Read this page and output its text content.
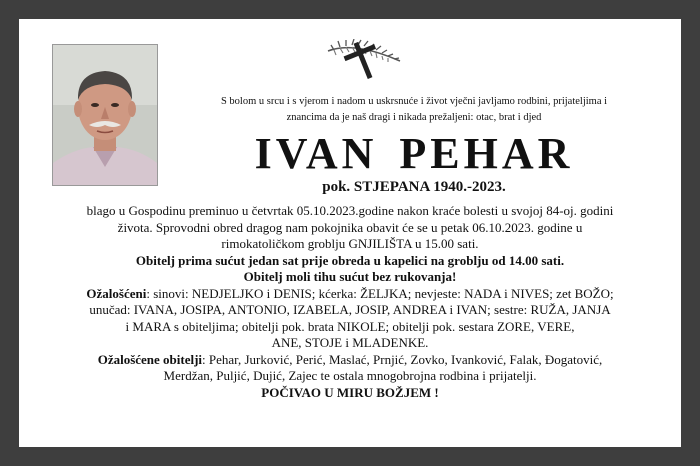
S bolom u srcu i s vjerom i nadom u uskrsnuće i život vječni javljamo rodbini, prijateljima i
znancima da je naš dragi i nikada prežaljeni: otac, brat i djed
IVAN PEHAR
pok. STJEPANA 1940.-2023.

blago u Gospodinu preminuo u četvrtak 05.10.2023.godine nakon kraće bolesti u svojoj 84-oj. godini

života. Sprovodni obred dragog nam pokojnika obavit će se u petak 06.10.2023. godine u

rimokatoličkom groblju GNJILIŠTA u 15.00 sati.

Obitelj prima sućut jedan sat prije obreda u kapelici na groblju od 14.00 sati.

Obitelj moli tihu sućut bez rukovanja!

Ožalošćeni: sinovi: NEDJELJKO i DENIS; kćerka: ŽELJKA; nevjeste: NADA i NIVES; zet BOŽO;

unučad: IVANA, JOSIPA, ANTONIO, IZABELA, JOSIP, ANDREA i IVAN; sestre: RUŽA, JANJA

i MARA s obiteljima; obitelji pok. brata NIKOLE; obitelji pok. sestara ZORE, VERE,

ANE, STOJE i MLADENKE.

Ožalošćene obitelji: Pehar, Jurković, Perić, Maslać, Prnjić, Zovko, Ivanković, Falak, Đogatović,

Merdžan, Puljić, Dujić, Zajec te ostala mnogobrojna rodbina i prijatelji.

POČIVAO U MIRU BOŽJEM !
